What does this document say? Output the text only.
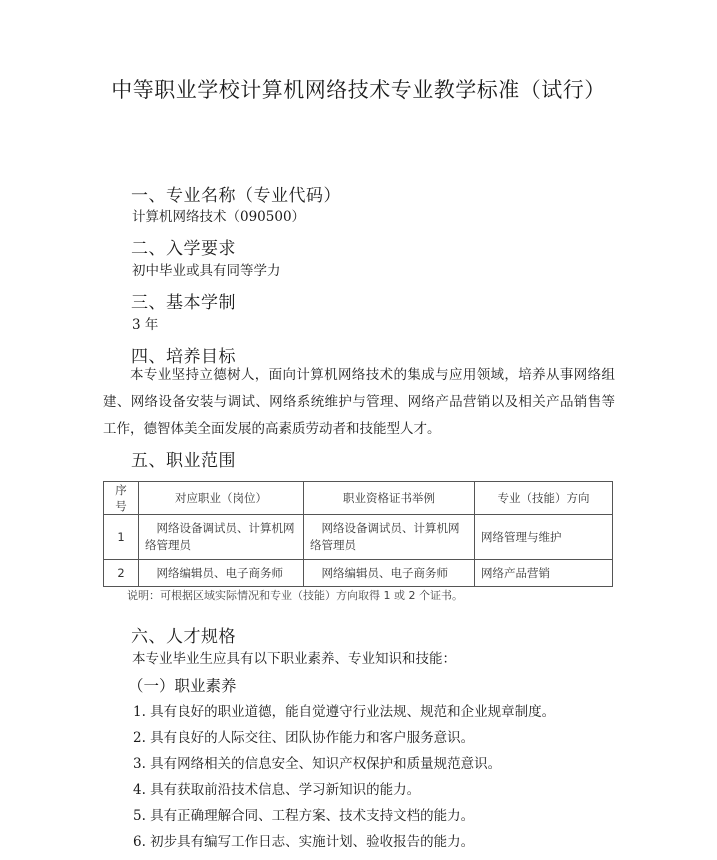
中等职业学校计算机网络技术专业教学标准（试行）
一、专业名称（专业代码）
计算机网络技术（090500）
二、入学要求
初中毕业或具有同等学力
三、基本学制
3 年
四、培养目标
本专业坚持立德树人，面向计算机网络技术的集成与应用领域，培养从事网络组建、网络设备安装与调试、网络系统维护与管理、网络产品营销以及相关产品销售等工作，德智体美全面发展的高素质劳动者和技能型人才。
五、职业范围
序号	对应职业（岗位）	职业资格证书举例	专业（技能）方向
1	网络设备调试员、计算机网络管理员	网络设备调试员、计算机网络管理员	网络管理与维护
2	网络编辑员、电子商务师	网络编辑员、电子商务师	网络产品营销
说明：可根据区域实际情况和专业（技能）方向取得 1 或 2 个证书。
六、人才规格
本专业毕业生应具有以下职业素养、专业知识和技能：
（一）职业素养
1. 具有良好的职业道德，能自觉遵守行业法规、规范和企业规章制度。
2. 具有良好的人际交往、团队协作能力和客户服务意识。
3. 具有网络相关的信息安全、知识产权保护和质量规范意识。
4. 具有获取前沿技术信息、学习新知识的能力。
5. 具有正确理解合同、工程方案、技术支持文档的能力。
6. 初步具有编写工作日志、实施计划、验收报告的能力。
